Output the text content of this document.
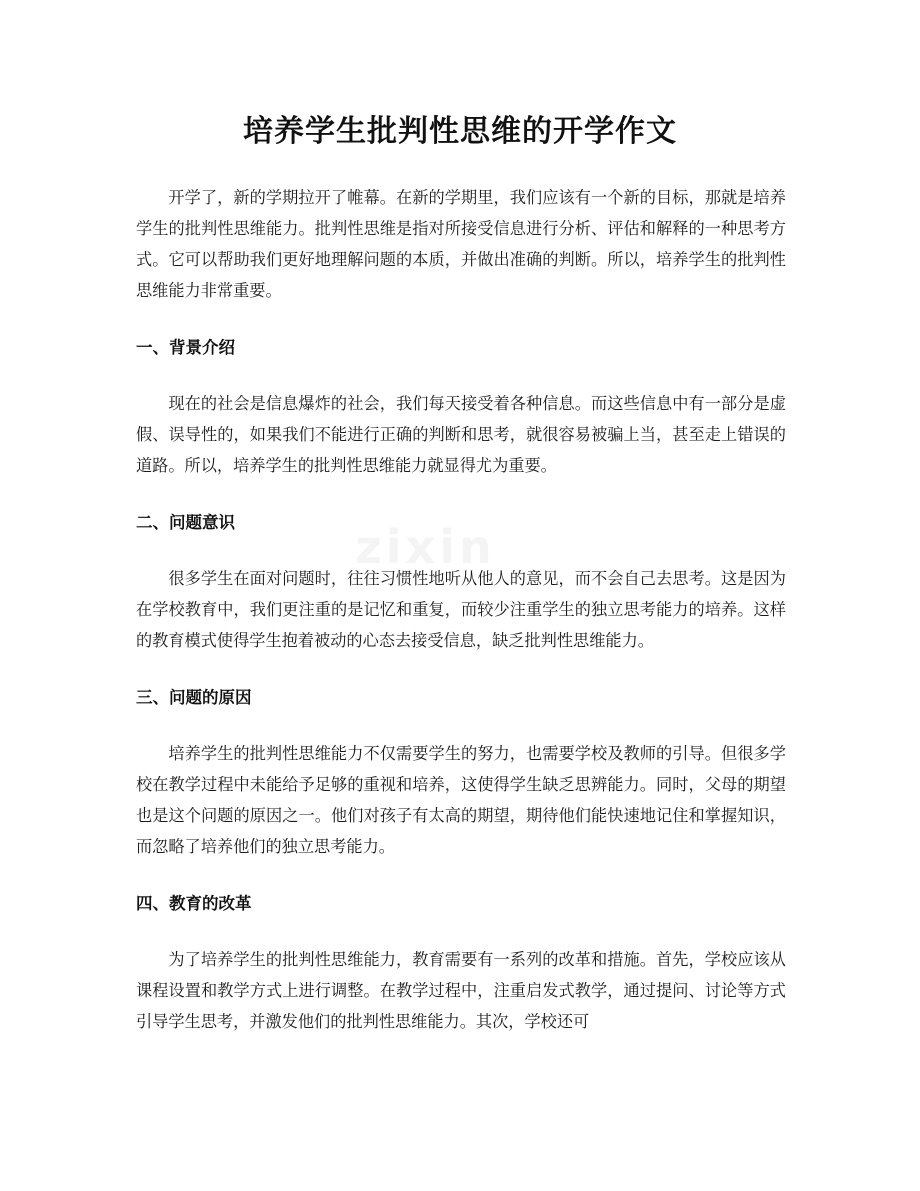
培养学生批判性思维的开学作文

开学了，新的学期拉开了帷幕。在新的学期里，我们应该有一个新的目标，那就是培养学生的批判性思维能力。批判性思维是指对所接受信息进行分析、评估和解释的一种思考方式。它可以帮助我们更好地理解问题的本质，并做出准确的判断。所以，培养学生的批判性思维能力非常重要。

一、背景介绍

现在的社会是信息爆炸的社会，我们每天接受着各种信息。而这些信息中有一部分是虚假、误导性的，如果我们不能进行正确的判断和思考，就很容易被骗上当，甚至走上错误的道路。所以，培养学生的批判性思维能力就显得尤为重要。

二、问题意识

很多学生在面对问题时，往往习惯性地听从他人的意见，而不会自己去思考。这是因为在学校教育中，我们更注重的是记忆和重复，而较少注重学生的独立思考能力的培养。这样的教育模式使得学生抱着被动的心态去接受信息，缺乏批判性思维能力。

三、问题的原因

培养学生的批判性思维能力不仅需要学生的努力，也需要学校及教师的引导。但很多学校在教学过程中未能给予足够的重视和培养，这使得学生缺乏思辨能力。同时，父母的期望也是这个问题的原因之一。他们对孩子有太高的期望，期待他们能快速地记住和掌握知识，而忽略了培养他们的独立思考能力。

四、教育的改革

为了培养学生的批判性思维能力，教育需要有一系列的改革和措施。首先，学校应该从课程设置和教学方式上进行调整。在教学过程中，注重启发式教学，通过提问、讨论等方式引导学生思考，并激发他们的批判性思维能力。其次，学校还可
